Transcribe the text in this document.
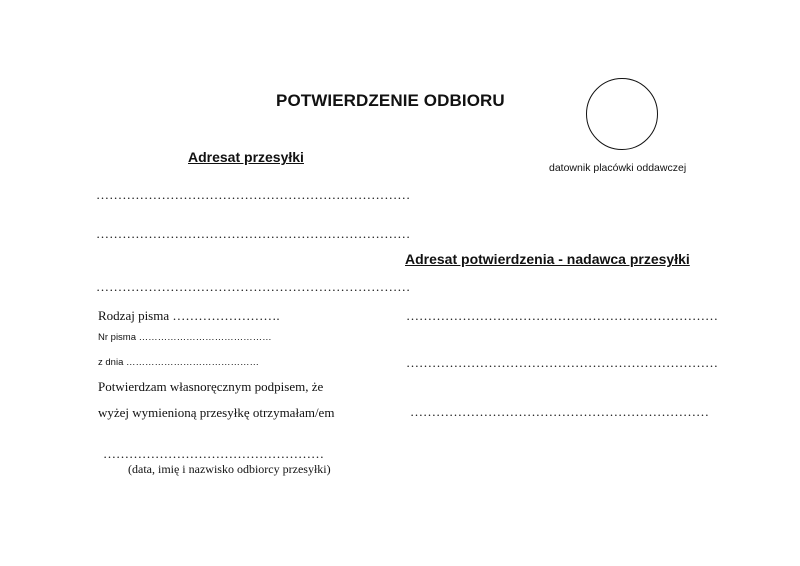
POTWIERDZENIE ODBIORU
datownik placówki oddawczej
Adresat przesyłki
………………………………………………………………
………………………………………………………………
………………………………………………………………
Rodzaj pisma …………………….
Nr pisma ……………………………………
z dnia ……………………………………
Potwierdzam własnoręcznym podpisem, że
wyżej wymienioną przesyłkę otrzymałam/em
……………………………………………
(data, imię i nazwisko odbiorcy przesyłki)
Adresat potwierdzenia - nadawca przesyłki
………………………………………………………………
………………………………………………………………
……………………………………………………………
